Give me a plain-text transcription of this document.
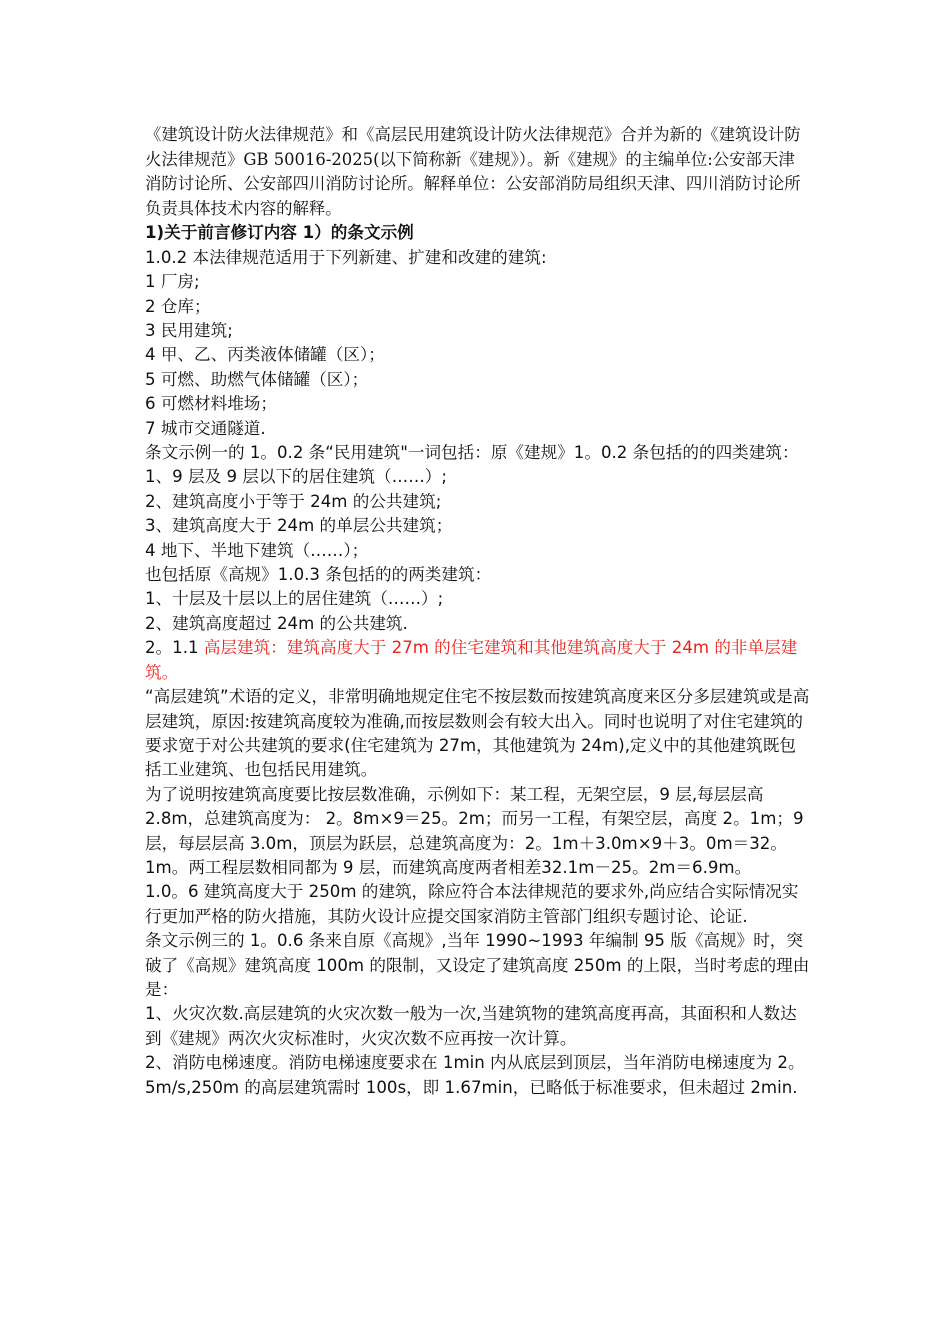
《建筑设计防火法律规范》和《高层民用建筑设计防火法律规范》合并为新的《建筑设计防火法律规范》GB 50016-2025(以下简称新《建规》）。新《建规》的主编单位:公安部天津消防讨论所、公安部四川消防讨论所。解释单位：公安部消防局组织天津、四川消防讨论所负责具体技术内容的解释。

1)关于前言修订内容 1）的条文示例

1.0.2 本法律规范适用于下列新建、扩建和改建的建筑:

1 厂房;

2 仓库；

3 民用建筑;

4 甲、乙、丙类液体储罐（区）；

5 可燃、助燃气体储罐（区）；

6 可燃材料堆场；

7 城市交通隧道.

条文示例一的 1。0.2 条“民用建筑"一词包括：原《建规》1。0.2 条包括的的四类建筑：

1、9 层及 9 层以下的居住建筑（……）;

2、建筑高度小于等于 24m 的公共建筑;

3、建筑高度大于 24m 的单层公共建筑；

4 地下、半地下建筑（……）；

也包括原《高规》1.0.3 条包括的的两类建筑：

1、十层及十层以上的居住建筑（……）;

2、建筑高度超过 24m 的公共建筑.

2。1.1 高层建筑：建筑高度大于 27m 的住宅建筑和其他建筑高度大于 24m 的非单层建筑。

“高层建筑”术语的定义，非常明确地规定住宅不按层数而按建筑高度来区分多层建筑或是高层建筑，原因:按建筑高度较为准确,而按层数则会有较大出入。同时也说明了对住宅建筑的要求宽于对公共建筑的要求(住宅建筑为 27m，其他建筑为 24m),定义中的其他建筑既包括工业建筑、也包括民用建筑。

为了说明按建筑高度要比按层数准确，示例如下：某工程，无架空层，9 层,每层层高 2.8m，总建筑高度为： 2。8m×9＝25。2m；而另一工程，有架空层，高度 2。1m；9 层，每层层高 3.0m，顶层为跃层，总建筑高度为：2。1m＋3.0m×9＋3。0m＝32。1m。两工程层数相同都为 9 层，而建筑高度两者相差32.1m－25。2m＝6.9m。

1.0。6 建筑高度大于 250m 的建筑，除应符合本法律规范的要求外,尚应结合实际情况实行更加严格的防火措施，其防火设计应提交国家消防主管部门组织专题讨论、论证.

条文示例三的 1。0.6 条来自原《高规》,当年 1990~1993 年编制 95 版《高规》时，突破了《高规》建筑高度 100m 的限制，又设定了建筑高度 250m 的上限，当时考虑的理由是：

1、火灾次数.高层建筑的火灾次数一般为一次,当建筑物的建筑高度再高，其面积和人数达到《建规》两次火灾标准时，火灾次数不应再按一次计算。

2、消防电梯速度。消防电梯速度要求在 1min 内从底层到顶层，当年消防电梯速度为 2。5m/s,250m 的高层建筑需时 100s，即 1.67min，已略低于标准要求，但未超过 2min.
